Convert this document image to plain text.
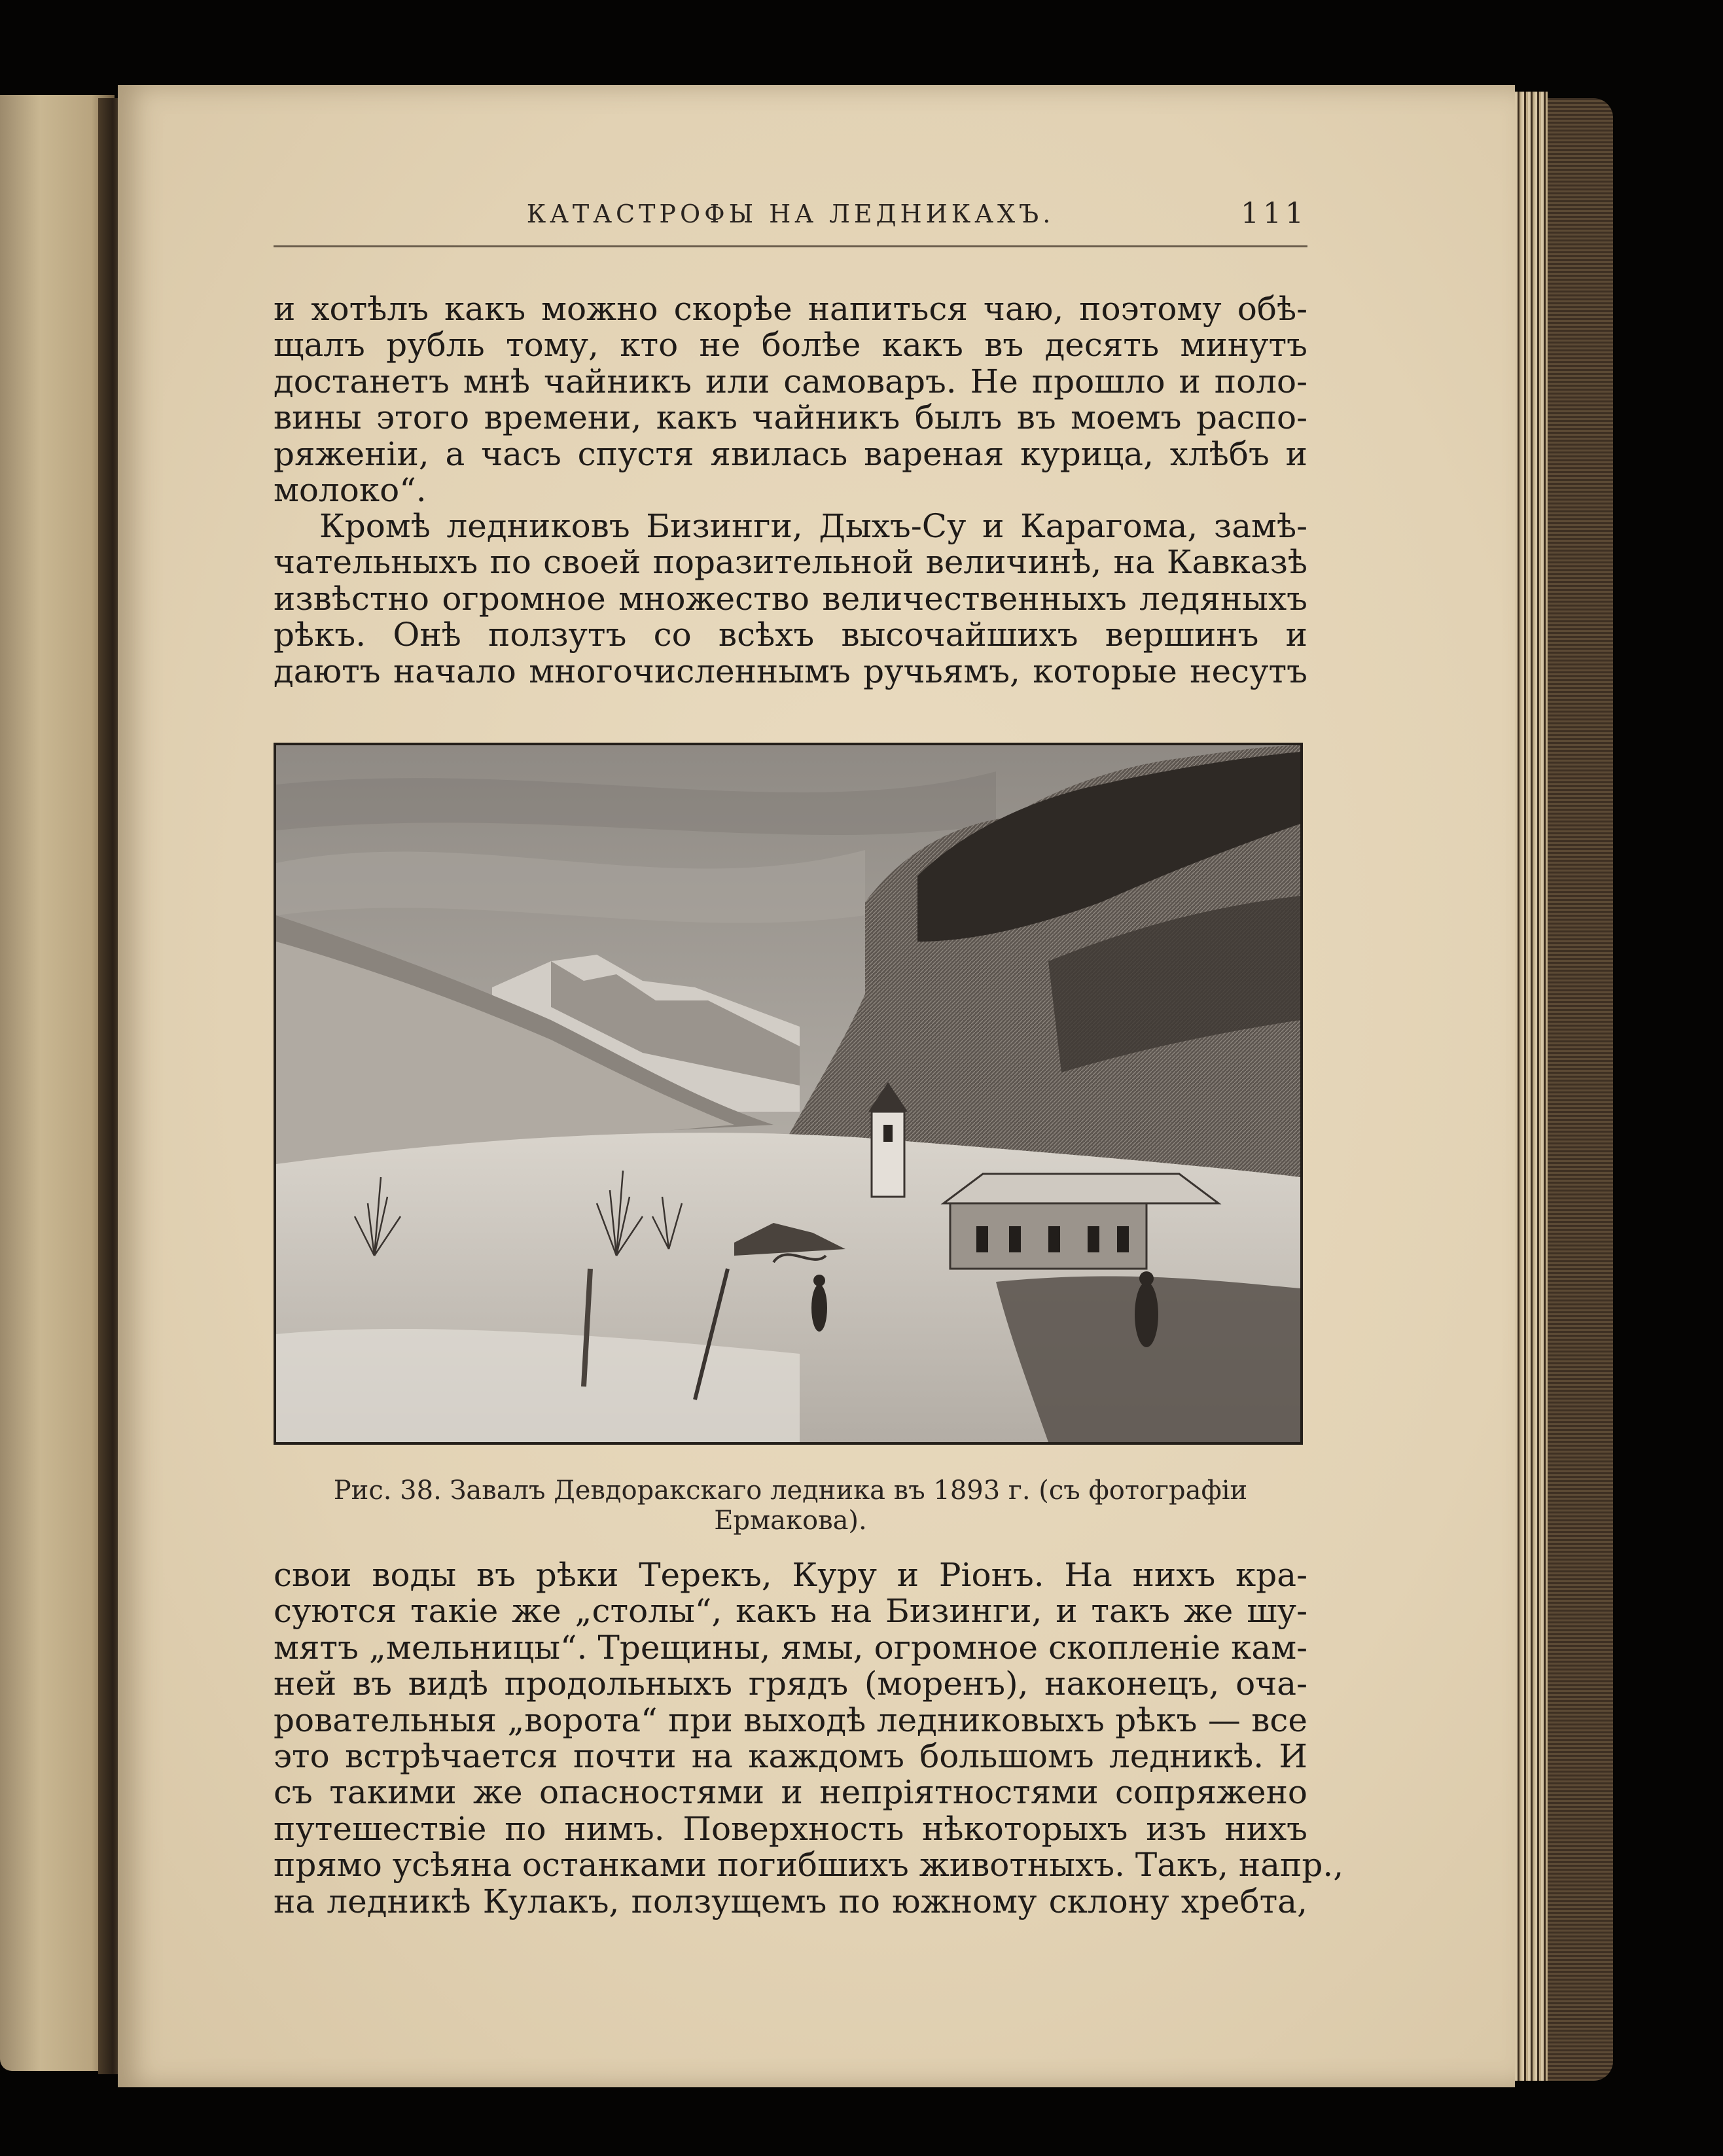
КАТАСТРОФЫ НА ЛЕДНИКАХЪ.	111
и хотѣлъ какъ можно скорѣе напиться чаю, поэтому обѣ-
щалъ рубль тому, кто не болѣе какъ въ десять минутъ
достанетъ мнѣ чайникъ или самоваръ. Не прошло и поло-
вины этого времени, какъ чайникъ былъ въ моемъ распо-
ряженіи, а часъ спустя явилась вареная курица, хлѣбъ и
молоко“.
Кромѣ ледниковъ Бизинги, Дыхъ-Су и Карагома, замѣ-
чательныхъ по своей поразительной величинѣ, на Кавказѣ
извѣстно огромное множество величественныхъ ледяныхъ
рѣкъ. Онѣ ползутъ со всѣхъ высочайшихъ вершинъ и
даютъ начало многочисленнымъ ручьямъ, которые несутъ
Рис. 38. Завалъ Девдоракскаго ледника въ 1893 г. (съ фотографіи
Ермакова).
свои воды въ рѣки Терекъ, Куру и Ріонъ. На нихъ кра-
суются такіе же „столы“, какъ на Бизинги, и такъ же шу-
мятъ „мельницы“. Трещины, ямы, огромное скопленіе кам-
ней въ видѣ продольныхъ грядъ (моренъ), наконецъ, оча-
ровательныя „ворота“ при выходѣ ледниковыхъ рѣкъ — все
это встрѣчается почти на каждомъ большомъ ледникѣ. И
съ такими же опасностями и непріятностями сопряжено
путешествіе по нимъ. Поверхность нѣкоторыхъ изъ нихъ
прямо усѣяна останками погибшихъ животныхъ. Такъ, напр.,
на ледникѣ Кулакъ, ползущемъ по южному склону хребта,
